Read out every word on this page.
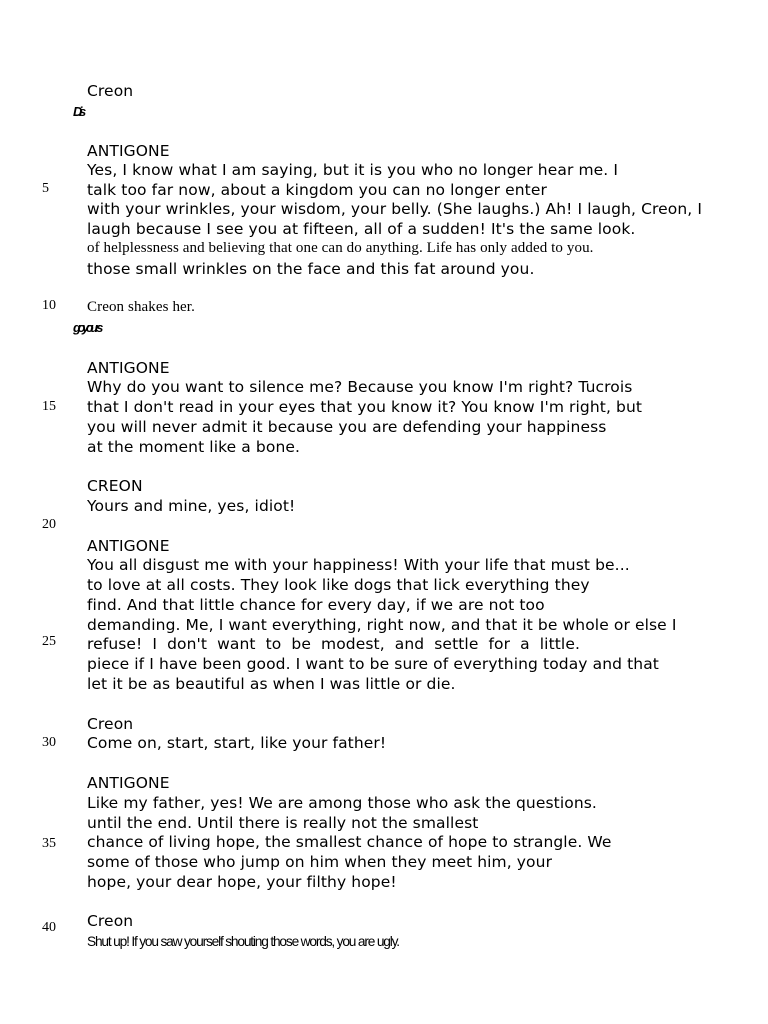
5
10
15
20
25
30
35
40
Dis
go yours
Creon
ANTIGONE
Yes, I know what I am saying, but it is you who no longer hear me. I
talk too far now, about a kingdom you can no longer enter
with your wrinkles, your wisdom, your belly. (She laughs.) Ah! I laugh, Creon, I
laugh because I see you at fifteen, all of a sudden! It's the same look.
of helplessness and believing that one can do anything. Life has only added to you.
those small wrinkles on the face and this fat around you.
Creon shakes her.
ANTIGONE
Why do you want to silence me? Because you know I'm right? Tucrois
that I don't read in your eyes that you know it? You know I'm right, but
you will never admit it because you are defending your happiness
at the moment like a bone.
CREON
Yours and mine, yes, idiot!
ANTIGONE
You all disgust me with your happiness! With your life that must be...
to love at all costs. They look like dogs that lick everything they
find. And that little chance for every day, if we are not too
demanding. Me, I want everything, right now, and that it be whole or else I
refuse! I don't want to be modest, and settle for a little.
piece if I have been good. I want to be sure of everything today and that
let it be as beautiful as when I was little or die.
Creon
Come on, start, start, like your father!
ANTIGONE
Like my father, yes! We are among those who ask the questions.
until the end. Until there is really not the smallest
chance of living hope, the smallest chance of hope to strangle. We
some of those who jump on him when they meet him, your
hope, your dear hope, your filthy hope!
Creon
Shut up! If you saw yourself shouting those words, you are ugly.
